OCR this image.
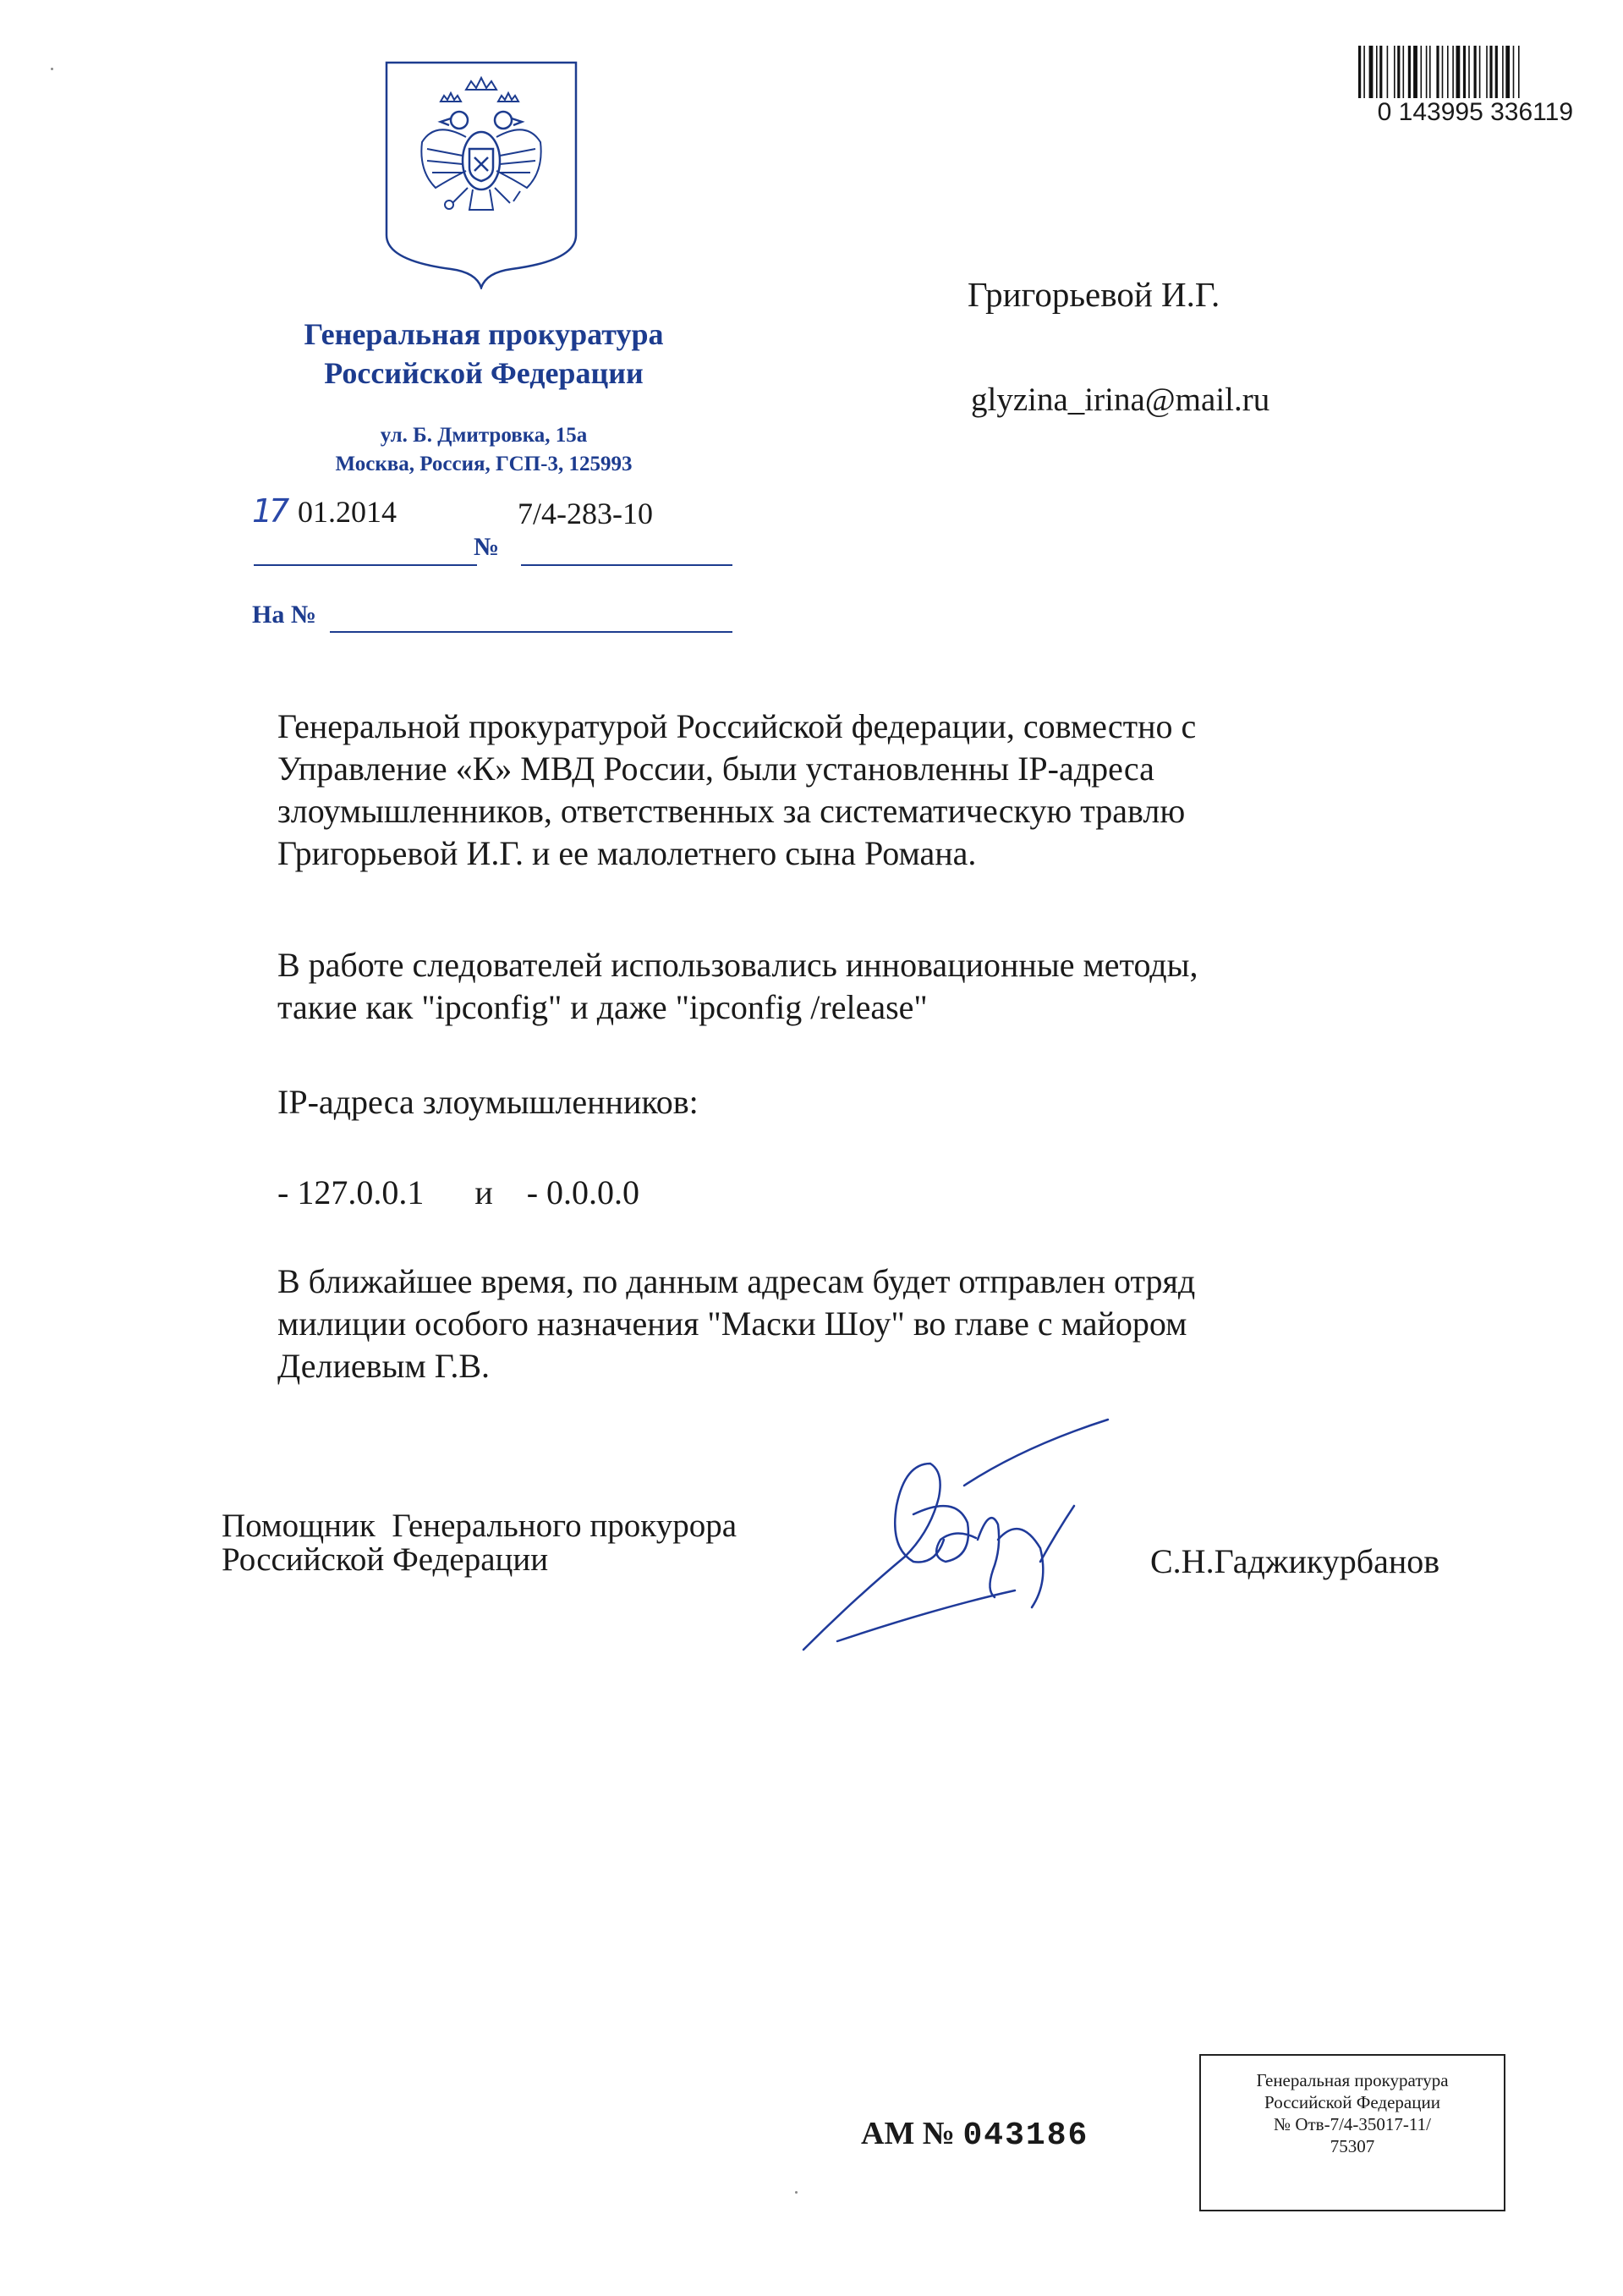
0 143995 336119
Генеральная прокуратура
Российской Федерации
ул. Б. Дмитровка, 15а
Москва, Россия, ГСП-3, 125993
17 01.2014	7/4-283-10
№
На №
Григорьевой И.Г.
glyzina_irina@mail.ru
Генеральной прокуратурой Российской федерации, совместно с
Управление «К» МВД России, были установленны IP-адреса
злоумышленников, ответственных за систематическую травлю
Григорьевой И.Г. и ее малолетнего сына Романа.
В работе следователей использовались инновационные методы,
такие как "ipconfig" и даже "ipconfig /release"
IP-адреса злоумышленников:
- 127.0.0.1 и - 0.0.0.0
В ближайшее время, по данным адресам будет отправлен отряд
милиции особого назначения "Маски Шоу" во главе с майором
Делиевым Г.В.
Помощник  Генерального прокурора
Российской Федерации	С.Н.Гаджикурбанов
Генеральная прокуратура
Российской Федерации
№ Отв-7/4-35017-11/
75307
АМ № 043186
